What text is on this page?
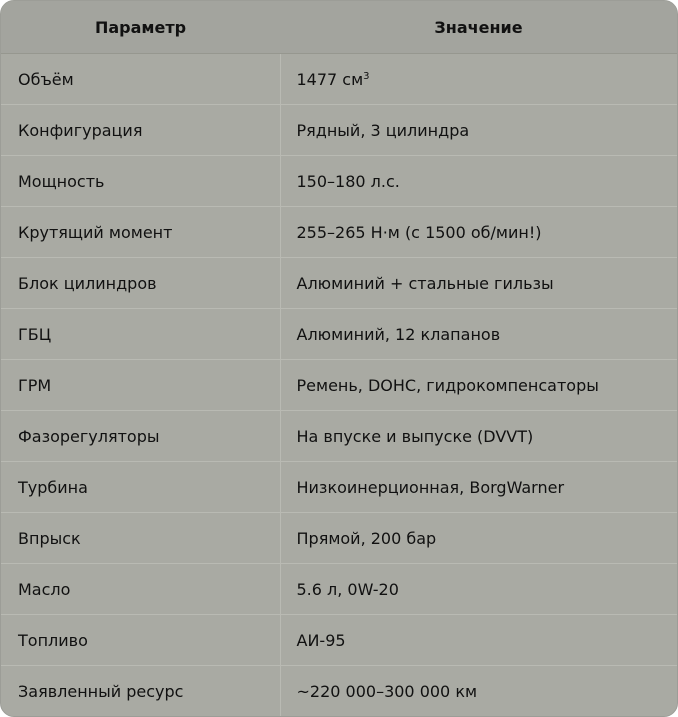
Параметр	Значение
Объём	1477 $см^3$
Конфигурация	Рядный, 3 цилиндра
Мощность	150–180 л.с.
Крутящий момент	255–265 Н·м (с 1500 об/мин!)
Блок цилиндров	Алюминий + стальные гильзы
ГБЦ	Алюминий, 12 клапанов
ГРМ	Ремень, DOHC, гидрокомпенсаторы
Фазорегуляторы	На впуске и выпуске (DVVT)
Турбина	Низкоинерционная, BorgWarner
Впрыск	Прямой, 200 бар
Масло	5.6 л, 0W-20
Топливо	АИ-95
Заявленный ресурс	~220 000–300 000 км
